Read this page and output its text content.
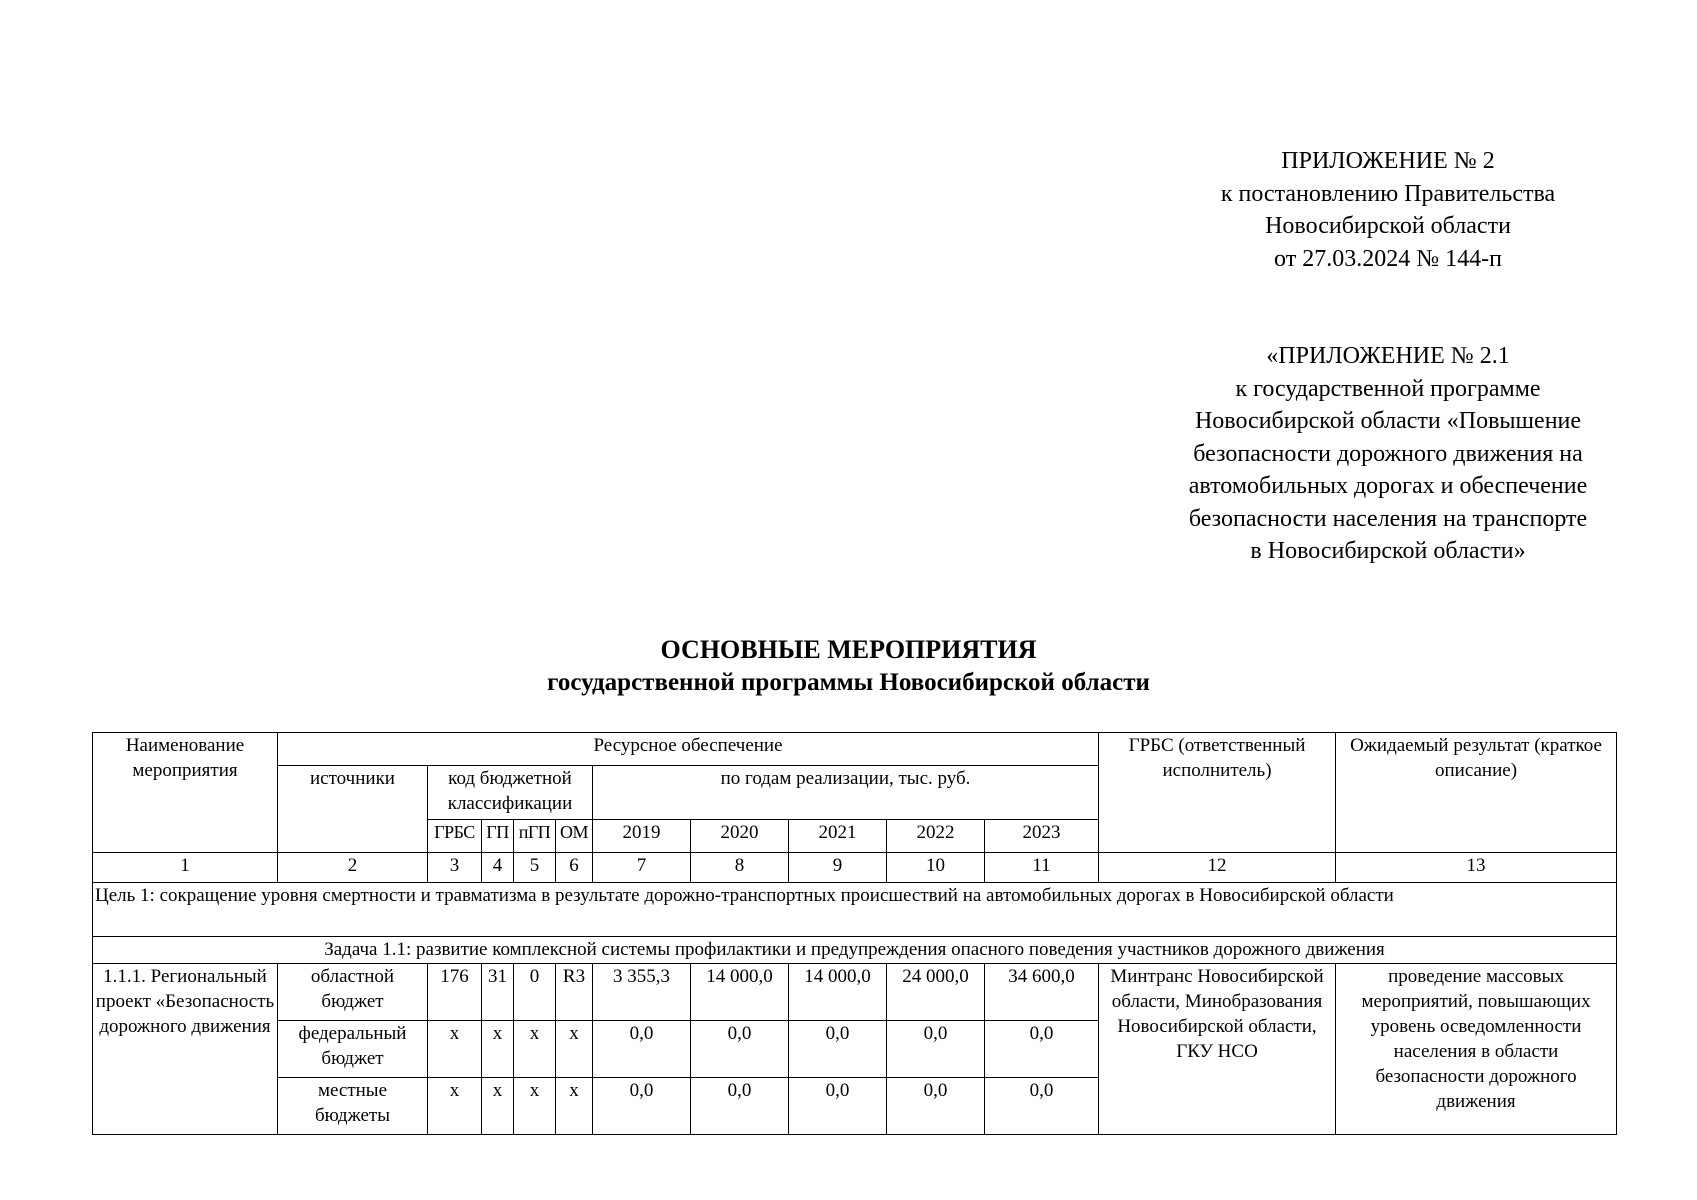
ПРИЛОЖЕНИЕ № 2
к постановлению Правительства
Новосибирской области
от 27.03.2024 № 144-п
«ПРИЛОЖЕНИЕ № 2.1
к государственной программе
Новосибирской области «Повышение
безопасности дорожного движения на
автомобильных дорогах и обеспечение
безопасности населения на транспорте
в Новосибирской области»
ОСНОВНЫЕ МЕРОПРИЯТИЯ
государственной программы Новосибирской области
Наименование мероприятия	Ресурсное обеспечение										ГРБС (ответственный исполнитель)	Ожидаемый результат (краткое описание)
	источники	код бюджетной классификации				по годам реализации, тыс. руб.						
		ГРБС	ГП	пГП	ОМ	2019	2020	2021	2022	2023		
1	2	3	4	5	6	7	8	9	10	11	12	13
Цель 1: сокращение уровня смертности и травматизма в результате дорожно-транспортных происшествий на автомобильных дорогах в Новосибирской области												
Задача 1.1: развитие комплексной системы профилактики и предупреждения опасного поведения участников дорожного движения												
1.1.1. Региональный проект «Безопасность дорожного движения	областной бюджет	176	31	0	R3	3 355,3	14 000,0	14 000,0	24 000,0	34 600,0	Минтранс Новосибирской области, Минобразования Новосибирской области, ГКУ НСО	проведение массовых мероприятий, повышающих уровень осведомленности населения в области безопасности дорожного движения
	федеральный бюджет	x	x	x	x	0,0	0,0	0,0	0,0	0,0		
	местные бюджеты	x	x	x	x	0,0	0,0	0,0	0,0	0,0		
